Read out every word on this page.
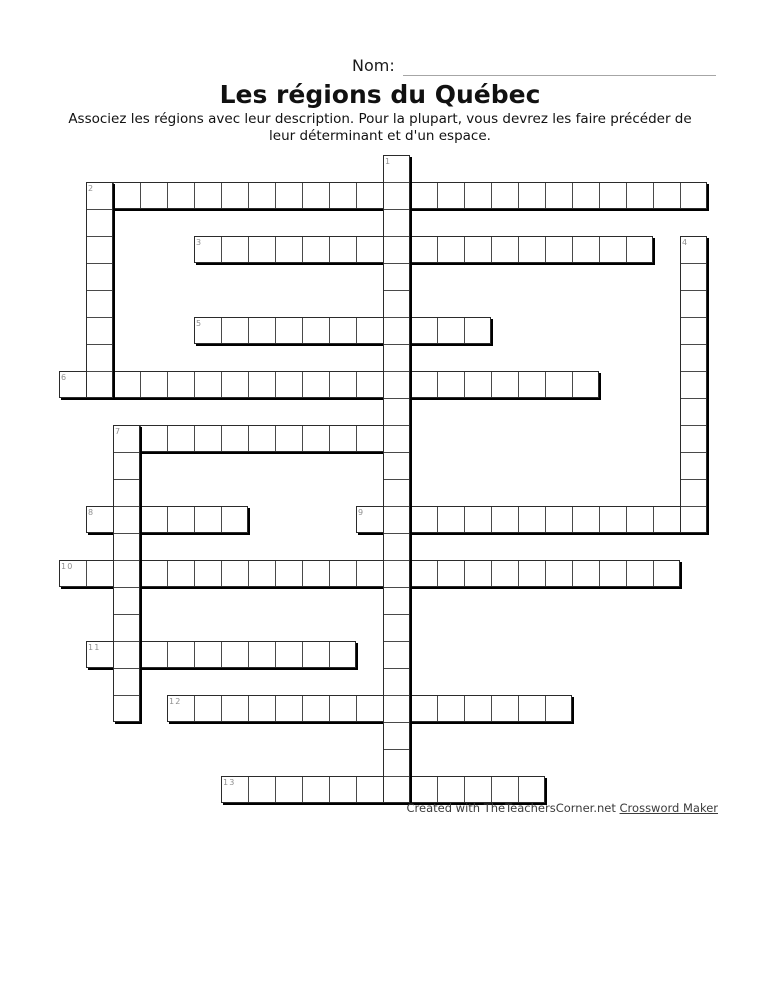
Nom:
Les régions du Québec
Associez les régions avec leur description. Pour la plupart, vous devrez les faire précéder de
leur déterminant et d'un espace.
1
2
3	4
5
6
7
8	9
10
11
12
13
Created with TheTeachersCorner.net Crossword Maker
